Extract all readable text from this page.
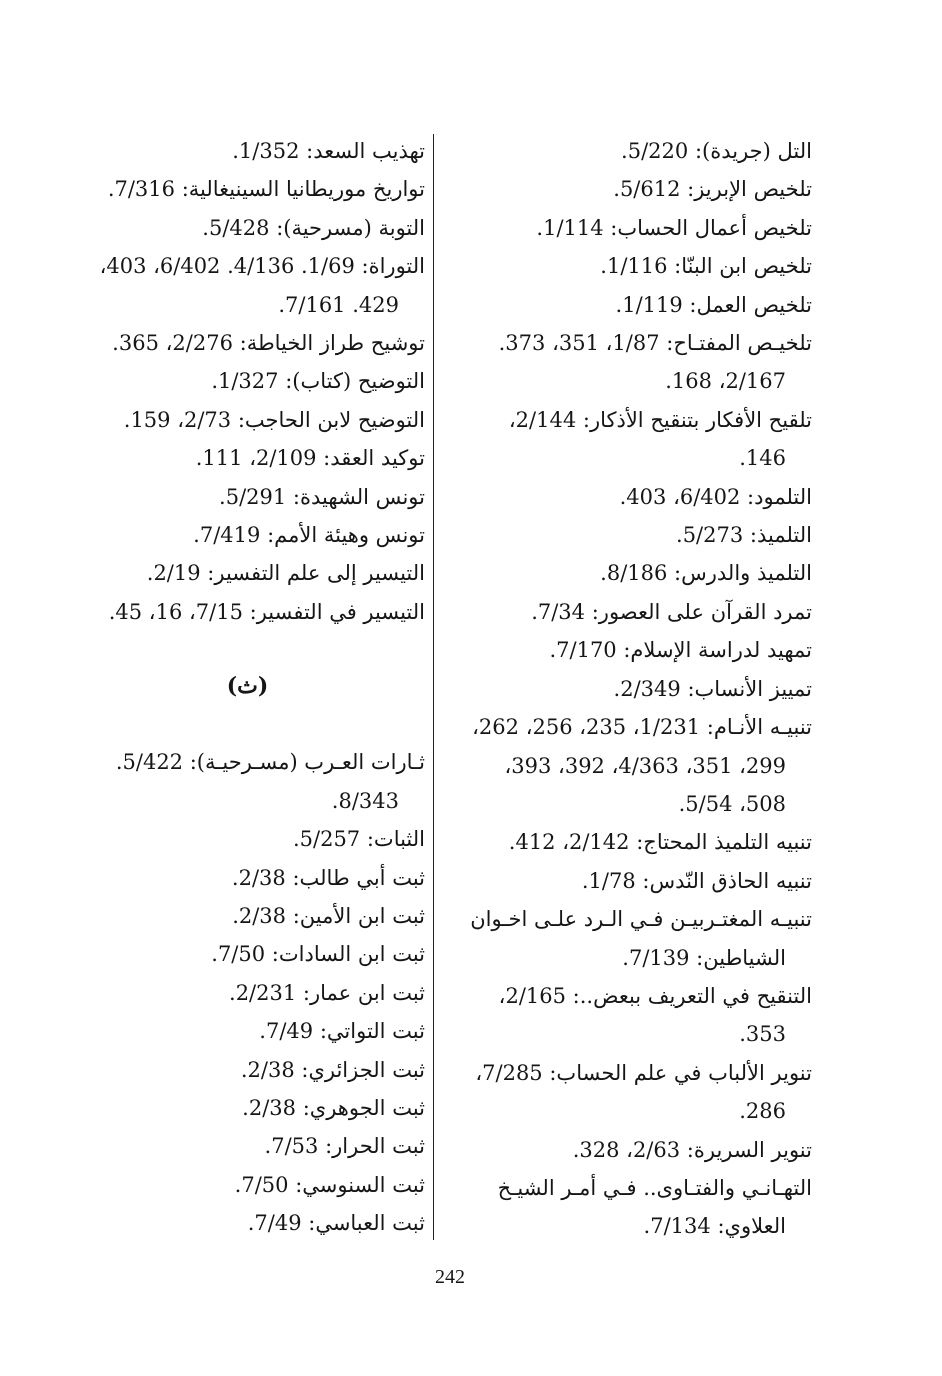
التل (جريدة): 5/220.

تلخيص الإبريز: 5/612.

تلخيص أعمال الحساب: 1/114.

تلخيص ابن البنّا: 1/116.

تلخيص العمل: 1/119.

تلخيـص المفتـاح: 1/87، 351، 373.
2/167، 168.

تلقيح الأفكار بتنقيح الأذكار: 2/144،
146.

التلمود: 6/402، 403.

التلميذ: 5/273.

التلميذ والدرس: 8/186.

تمرد القرآن على العصور: 7/34.

تمهيد لدراسة الإسلام: 7/170.

تمييز الأنساب: 2/349.

تنبيـه الأنـام: 1/231، 235، 256، 262،
299، 351، 4/363، 392، 393،
508، 5/54.

تنبيه التلميذ المحتاج: 2/142، 412.

تنبيه الحاذق النّدس: 1/78.

تنبيـه المغتـربيـن فـي الـرد علـى اخـوان
الشياطين: 7/139.

التنقيح في التعريف ببعض..: 2/165،
353.

تنوير الألباب في علم الحساب: 7/285،
286.

تنوير السريرة: 2/63، 328.

التهـانـي والفتـاوى.. فـي أمـر الشيـخ
العلاوي: 7/134.

تهذيب السعد: 1/352.

تواريخ موريطانيا السينيغالية: 7/316.

التوبة (مسرحية): 5/428.

التوراة: 1/69. 4/136. 6/402، 403،
429. 7/161.

توشيح طراز الخياطة: 2/276، 365.

التوضيح (كتاب): 1/327.

التوضيح لابن الحاجب: 2/73، 159.

توكيد العقد: 2/109، 111.

تونس الشهيدة: 5/291.

تونس وهيئة الأمم: 7/419.

التيسير إلى علم التفسير: 2/19.

التيسير في التفسير: 7/15، 16، 45.

(ث)

ثـارات العـرب (مسـرحيـة): 5/422.
8/343.

الثبات: 5/257.

ثبت أبي طالب: 2/38.

ثبت ابن الأمين: 2/38.

ثبت ابن السادات: 7/50.

ثبت ابن عمار: 2/231.

ثبت التواتي: 7/49.

ثبت الجزائري: 2/38.

ثبت الجوهري: 2/38.

ثبت الحرار: 7/53.

ثبت السنوسي: 7/50.

ثبت العباسي: 7/49.

242
